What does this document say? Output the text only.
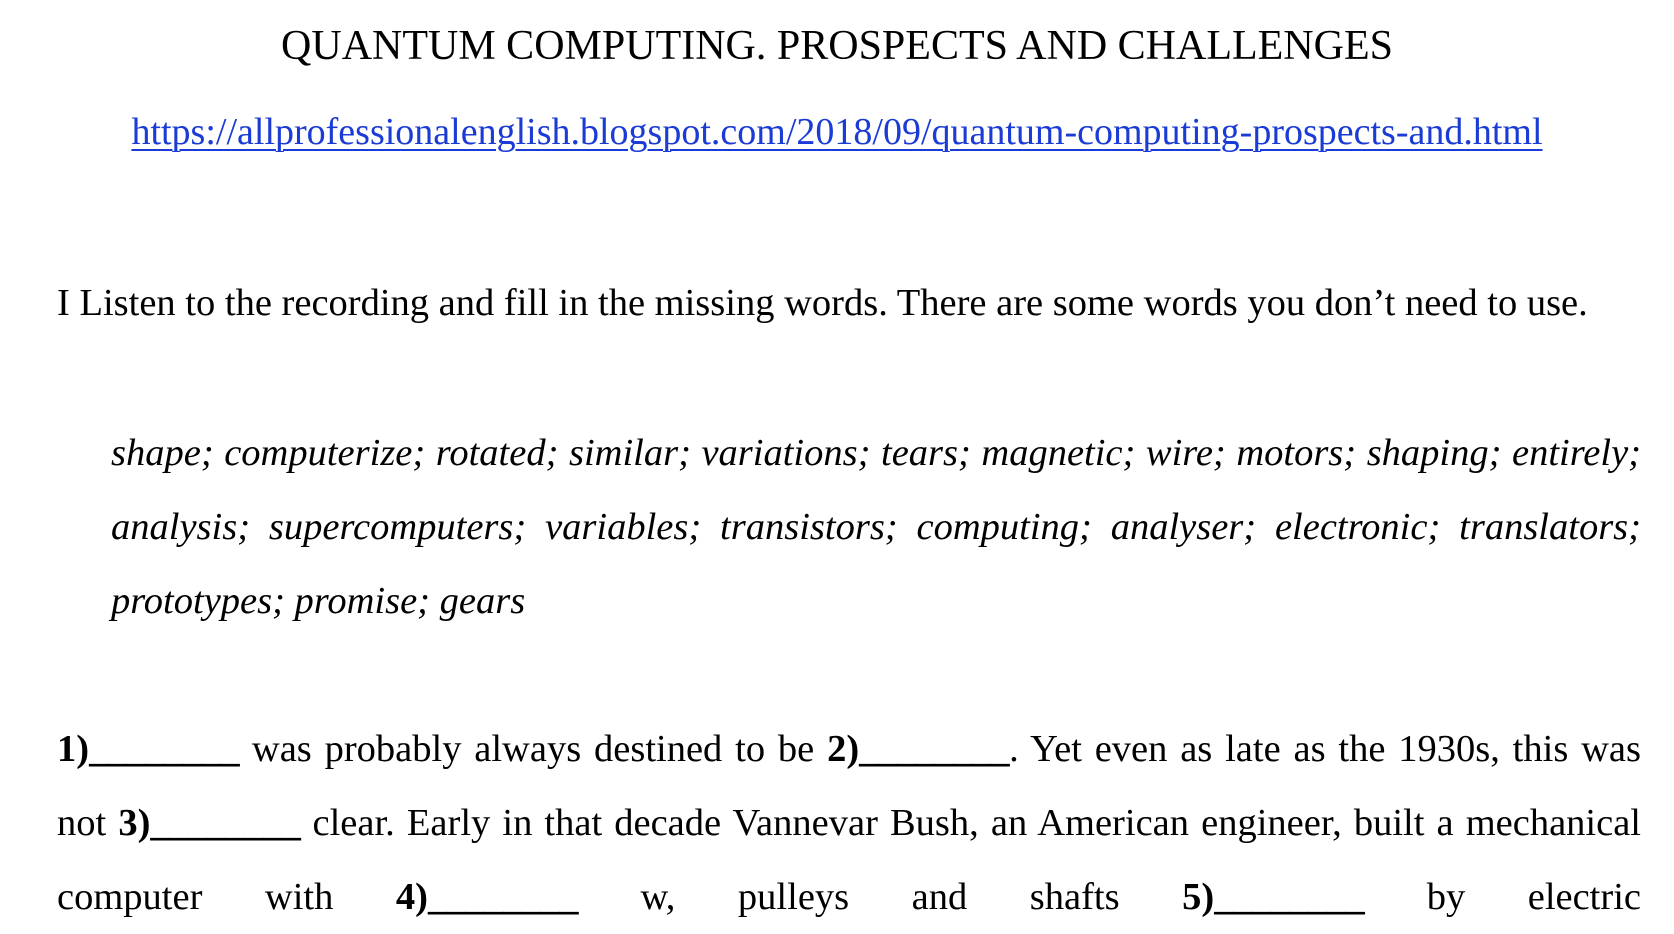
QUANTUM COMPUTING. PROSPECTS AND CHALLENGES
https://allprofessionalenglish.blogspot.com/2018/09/quantum-computing-prospects-and.html
I Listen to the recording and fill in the missing words. There are some words you don’t need to use.
shape; computerize; rotated; similar; variations; tears; magnetic; wire; motors; shaping; entirely; analysis; supercomputers; variables; transistors; computing; analyser; electronic; translators; prototypes; promise; gears
1)________ was probably always destined to be 2)________. Yet even as late as the 1930s, this was not 3)________ clear. Early in that decade Vannevar Bush, an American engineer, built a mechanical computer with 4)________ w, pulleys and shafts 5)________ by electric
